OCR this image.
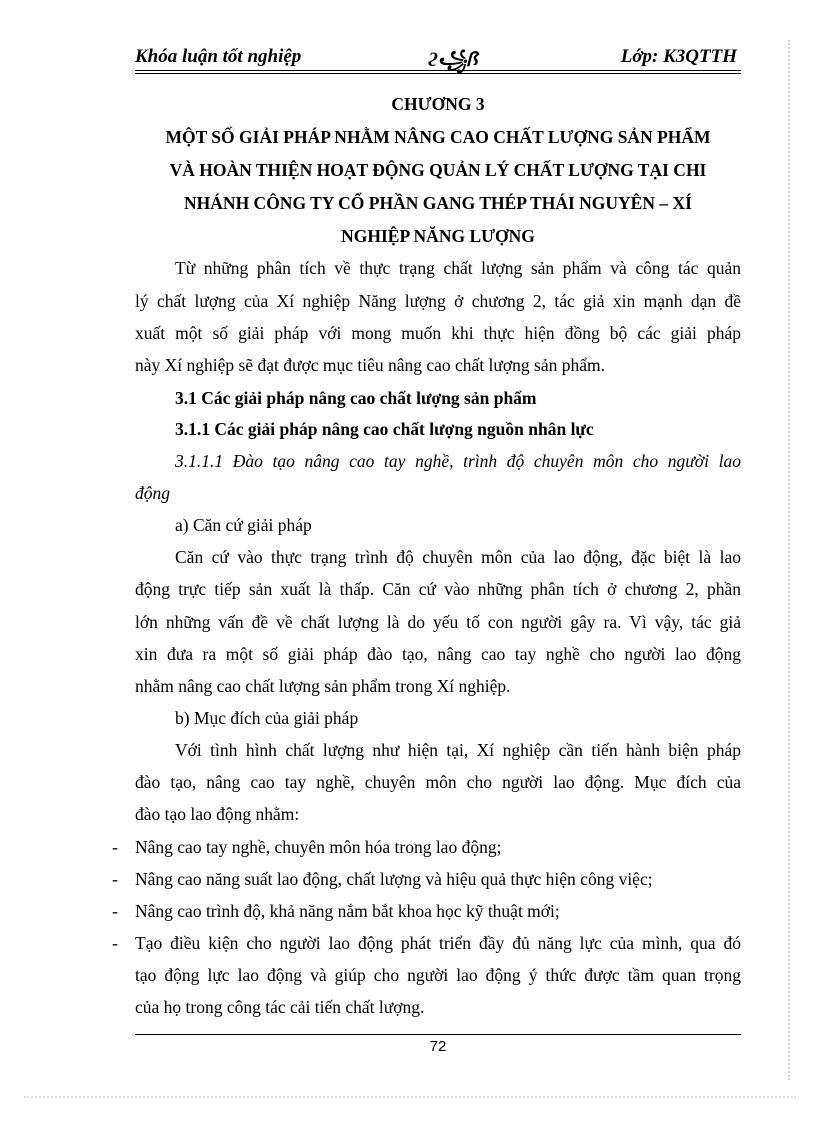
Khóa luận tốt nghiệp	ϩ꧁ꟗ	Lớp: K3QTTH
CHƯƠNG 3
MỘT SỐ GIẢI PHÁP NHẰM NÂNG CAO CHẤT LƯỢNG SẢN PHẨM
VÀ HOÀN THIỆN HOẠT ĐỘNG QUẢN LÝ CHẤT LƯỢNG TẠI CHI
NHÁNH CÔNG TY CỔ PHẦN GANG THÉP THÁI NGUYÊN – XÍ
NGHIỆP NĂNG LƯỢNG
Từ những phân tích về thực trạng chất lượng sản phẩm và công tác quản
lý chất lượng của Xí nghiệp Năng lượng ở chương 2, tác giả xin mạnh dạn đề
xuất một số giải pháp với mong muốn khi thực hiện đồng bộ các giải pháp
này Xí nghiệp sẽ đạt được mục tiêu nâng cao chất lượng sản phẩm.
3.1 Các giải pháp nâng cao chất lượng sản phẩm
3.1.1 Các giải pháp nâng cao chất lượng nguồn nhân lực
3.1.1.1 Đào tạo nâng cao tay nghề, trình độ chuyên môn cho người lao
động
a) Căn cứ giải pháp
Căn cứ vào thực trạng trình độ chuyên môn của lao động, đặc biệt là lao
động trực tiếp sản xuất là thấp. Căn cứ vào những phân tích ở chương 2, phần
lớn những vấn đề về chất lượng là do yếu tố con người gây ra. Vì vậy, tác giả
xin đưa ra một số giải pháp đào tạo, nâng cao tay nghề cho người lao động
nhằm nâng cao chất lượng sản phẩm trong Xí nghiệp.
b) Mục đích của giải pháp
Với tình hình chất lượng như hiện tại, Xí nghiệp cần tiến hành biện pháp
đào tạo, nâng cao tay nghề, chuyên môn cho người lao động. Mục đích của
đào tạo lao động nhằm:
- Nâng cao tay nghề, chuyên môn hóa trong lao động;
- Nâng cao năng suất lao động, chất lượng và hiệu quả thực hiện công việc;
- Nâng cao trình độ, khả năng nắm bắt khoa học kỹ thuật mới;
- Tạo điều kiện cho người lao động phát triển đầy đủ năng lực của mình, qua đó
tạo động lực lao động và giúp cho người lao động ý thức được tầm quan trọng
của họ trong công tác cải tiến chất lượng.
72
